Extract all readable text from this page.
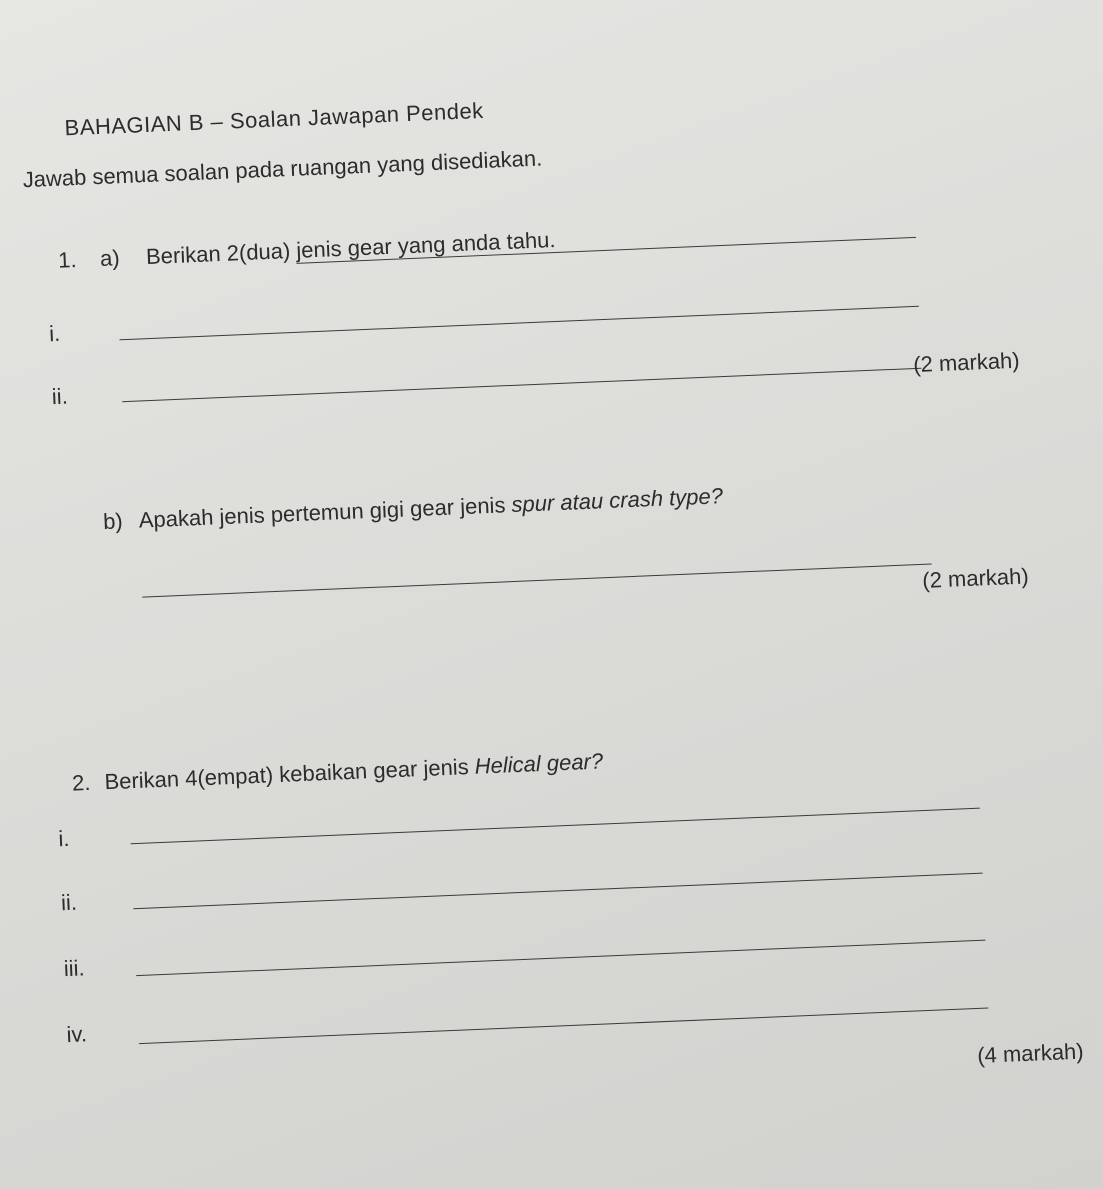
BAHAGIAN B – Soalan Jawapan Pendek
Jawab semua soalan pada ruangan yang disediakan.
1. a) Berikan 2(dua) jenis gear yang anda tahu.
i.
ii.
(2 markah)
b) Apakah jenis pertemun gigi gear jenis spur atau crash type?
(2 markah)
2. Berikan 4(empat) kebaikan gear jenis Helical gear?
i.
ii.
iii.
iv.
(4 markah)
